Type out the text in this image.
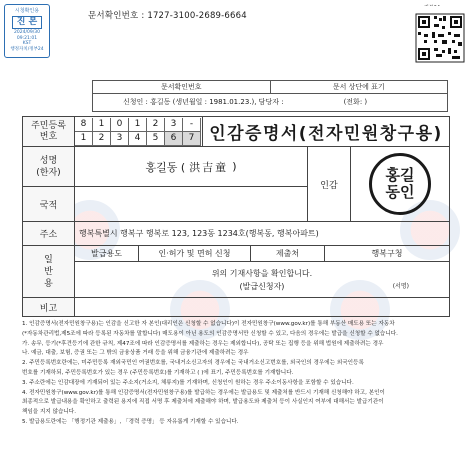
시청확인용
진 본
2024/09/30
09:21:01
KST
행정자치/정부24
문서확인번호 : 1727-3100-2689-6664
문서확인번호	문서 상단에 표기
신청인 : 홍길동 (생년월일 : 1981.01.23.), 담당자 :	(전화: )
주민등록
번호
8	1	0	1	2	3	-
1	2	3	4	5	6	7 인감증명서(전자민원창구용)
성명
(한자)	홍길동 ( 洪吉童 )
국적
인감
홍길
동인
주소	행복특별시 행복구 행복로 123, 123동 1234호(행복동, 행복아파트)
일
반
용
발급용도	인·허가 및 면허 신청	제출처	행복구청
위의 기재사항을 확인합니다.
(발급신청자)	(서명)
비고

1. 인감증명서(전자민원창구용)는 인감을 신고한 자 본인(대리인은 신청할 수 없습니다)이 전자민원창구(www.gov.kr)를 통해 부동산 매도용 또는 자동차

(*자동차관리법,제5조에 따라 등록된 자동차를 말합니다) 매도용이 아닌 용도의 인감증명서만 신청할 수 있고, 다음의 경우에는 발급을 신청할 수 없습니다.

가. 송무, 등기(*후견등기에 관한 규칙, 제47조에 따라 인감증명서를 제출하는 경우는 제외합니다), 공탁 또는 집행 등을 위해 법원에 제출하려는 경우

나. 예금, 대출, 보험, 증권 또는 그 밖의 금융상품 거래 등을 위해 금융기관에 제출하려는 경우

2. 주민등록번호란에는, 미주민등록 재외국민인 여권번호를, 국내거소신고자의 경우에는 국내거소신고번호를, 외국인의 경우에는 외국인등록

번호를 기재하되, 주민등록번호가 있는 경우 (주민등록번호)를 기재하고 ( )에 표기, 주민등록번호를 기재합니다.

3. 주소란에는 인감대장에 기재되어 있는 주소지(거소지, 체류지)를 기재하며, 신청인이 원하는 경우 주소이동사항을 포함할 수 있습니다.

4. 전자민원창구(www.gov.kr)를 통해 인감증명서(전자민원창구용)를 발급하는 경우에는 발급용도 및 제출처를 반드시 기재해 신청해야 하고, 본인이

최종적으로 발급내용을 확인하고 출력된 용지에 직접 서명 후 제출처에 제출해야 하며, 발급용도와 제출처 등이 사실인지 여부에 대해서는 발급기관이

책임을 지지 않습니다.

5. 발급용도란에는 「행정기관 제출용」, 「경력 증명」 등 자유롭게 기재할 수 있습니다.
